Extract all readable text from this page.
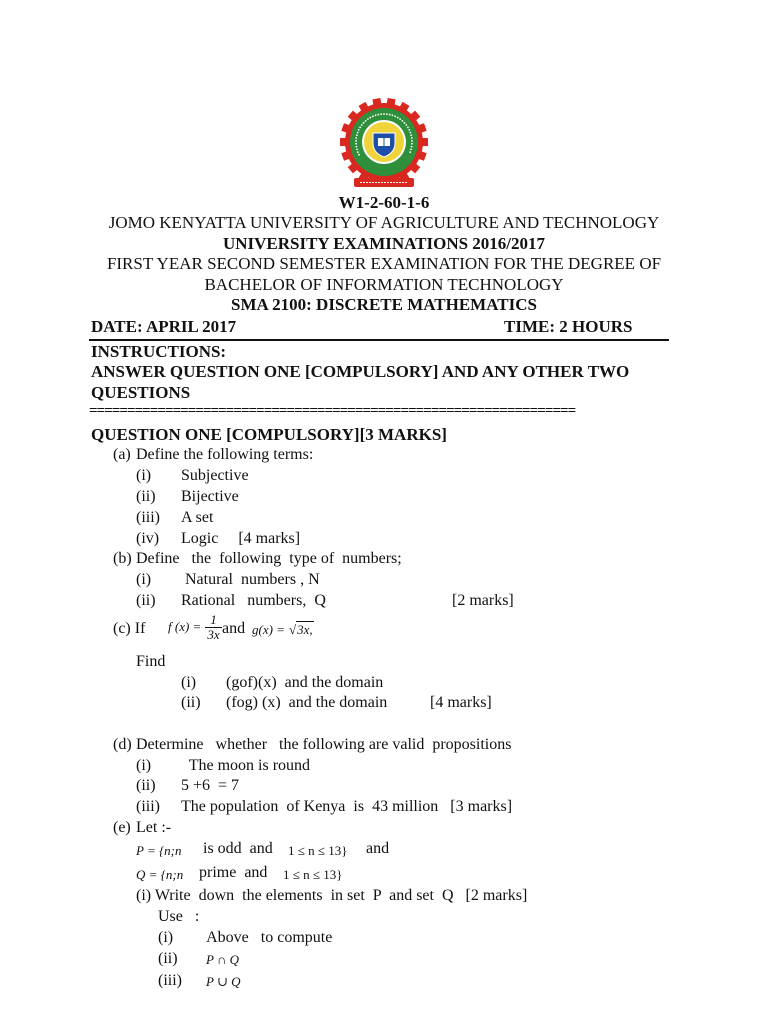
W1-2-60-1-6
JOMO KENYATTA UNIVERSITY OF AGRICULTURE AND TECHNOLOGY
UNIVERSITY EXAMINATIONS 2016/2017
FIRST YEAR SECOND SEMESTER EXAMINATION FOR THE DEGREE OF
BACHELOR OF INFORMATION TECHNOLOGY
SMA 2100: DISCRETE MATHEMATICS
DATE: APRIL 2017	TIME: 2 HOURS
INSTRUCTIONS:
ANSWER QUESTION ONE [COMPULSORY] AND ANY OTHER TWO
QUESTIONS
================================================================
QUESTION ONE [COMPULSORY][3 MARKS]
(a) Define the following terms:
(i) Subjective
(ii) Bijective
(iii) A set
(iv) Logic     [4 marks]
(b) Define   the  following  type of  numbers;
(i) Natural  numbers , N
(ii) Rational   numbers,  Q	[2 marks]
(c) If f $(x) = \frac{1}{3x}$ and g(x) = √3x,
Find
(i) (gof)(x)  and the domain
(ii) (fog) (x)  and the domain	[4 marks]
(d) Determine   whether   the following are valid  propositions
(i) The moon is round
(ii) 5 +6  = 7
(iii) The population  of Kenya  is  43 million   [3 marks]
(e) Let :-
P = {n;n is odd  and 1 ≤ n ≤ 13} and
Q = {n;n prime  and 1 ≤ n ≤ 13}
(i) Write  down  the elements  in set  P  and set  Q   [2 marks]
Use   :
(i) Above   to compute
(ii) P ∩ Q
(iii) P ∪ Q
